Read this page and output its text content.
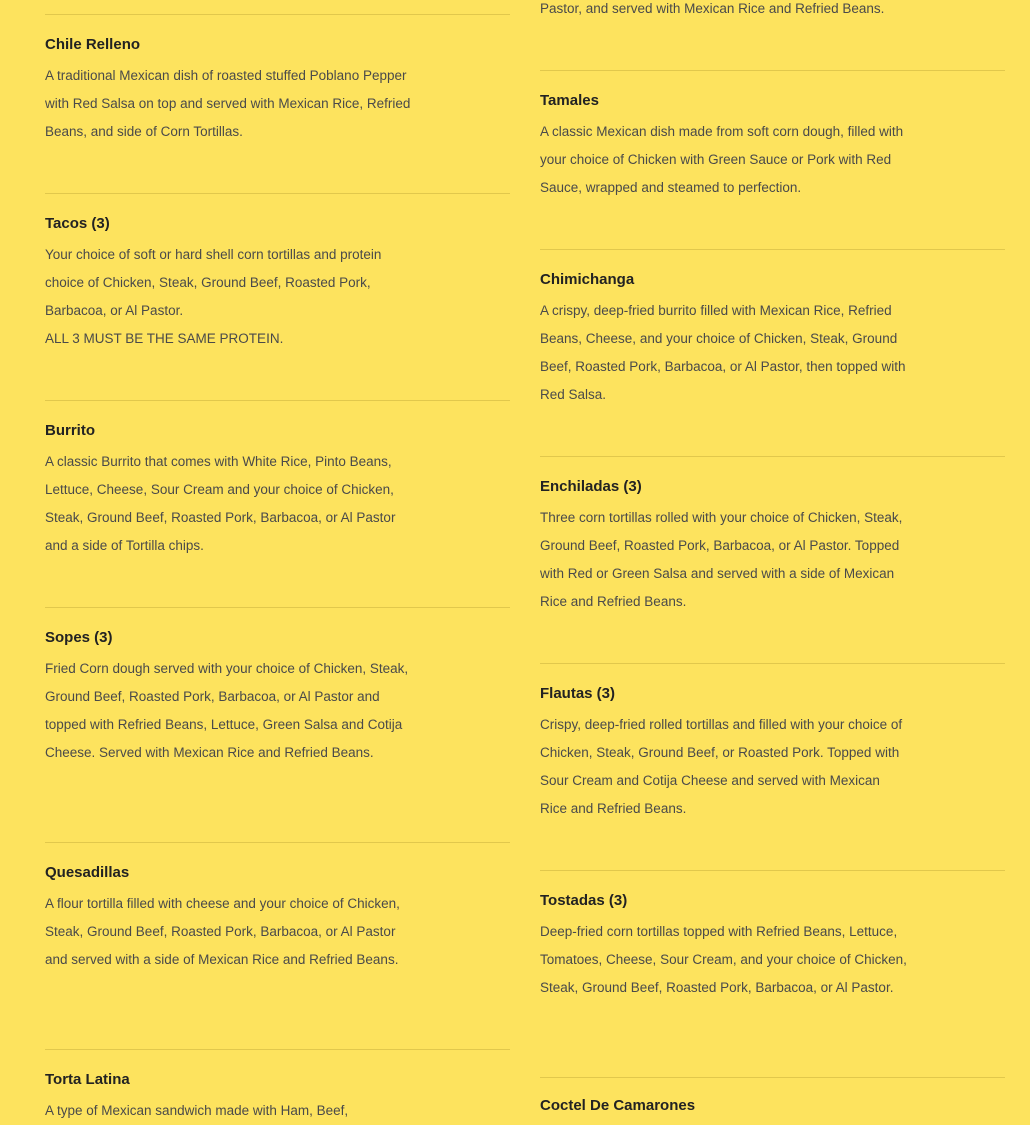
Chile Relleno

A traditional Mexican dish of roasted stuffed Poblano Pepper with Red Salsa on top and served with Mexican Rice, Refried Beans, and side of Corn Tortillas.

Tacos (3)

Your choice of soft or hard shell corn tortillas and protein choice of Chicken, Steak, Ground Beef, Roasted Pork, Barbacoa, or Al Pastor.

ALL 3 MUST BE THE SAME PROTEIN.

Burrito

A classic Burrito that comes with White Rice, Pinto Beans, Lettuce, Cheese, Sour Cream and your choice of Chicken, Steak, Ground Beef, Roasted Pork, Barbacoa, or Al Pastor and a side of Tortilla chips.

Sopes (3)

Fried Corn dough served with your choice of Chicken, Steak, Ground Beef, Roasted Pork, Barbacoa, or Al Pastor and topped with Refried Beans, Lettuce, Green Salsa and Cotija Cheese. Served with Mexican Rice and Refried Beans.

Quesadillas

A flour tortilla filled with cheese and your choice of Chicken, Steak, Ground Beef, Roasted Pork, Barbacoa, or Al Pastor and served with a side of Mexican Rice and Refried Beans.

Torta Latina

A type of Mexican sandwich made with Ham, Beef,

Pastor, and served with Mexican Rice and Refried Beans.

Tamales

A classic Mexican dish made from soft corn dough, filled with your choice of Chicken with Green Sauce or Pork with Red Sauce, wrapped and steamed to perfection.

Chimichanga

A crispy, deep-fried burrito filled with Mexican Rice, Refried Beans, Cheese, and your choice of Chicken, Steak, Ground Beef, Roasted Pork, Barbacoa, or Al Pastor, then topped with Red Salsa.

Enchiladas (3)

Three corn tortillas rolled with your choice of Chicken, Steak, Ground Beef, Roasted Pork, Barbacoa, or Al Pastor. Topped with Red or Green Salsa and served with a side of Mexican Rice and Refried Beans.

Flautas (3)

Crispy, deep-fried rolled tortillas and filled with your choice of Chicken, Steak, Ground Beef, or Roasted Pork. Topped with Sour Cream and Cotija Cheese and served with Mexican Rice and Refried Beans.

Tostadas (3)

Deep-fried corn tortillas topped with Refried Beans, Lettuce, Tomatoes, Cheese, Sour Cream, and your choice of Chicken, Steak, Ground Beef, Roasted Pork, Barbacoa, or Al Pastor.

Coctel De Camarones
